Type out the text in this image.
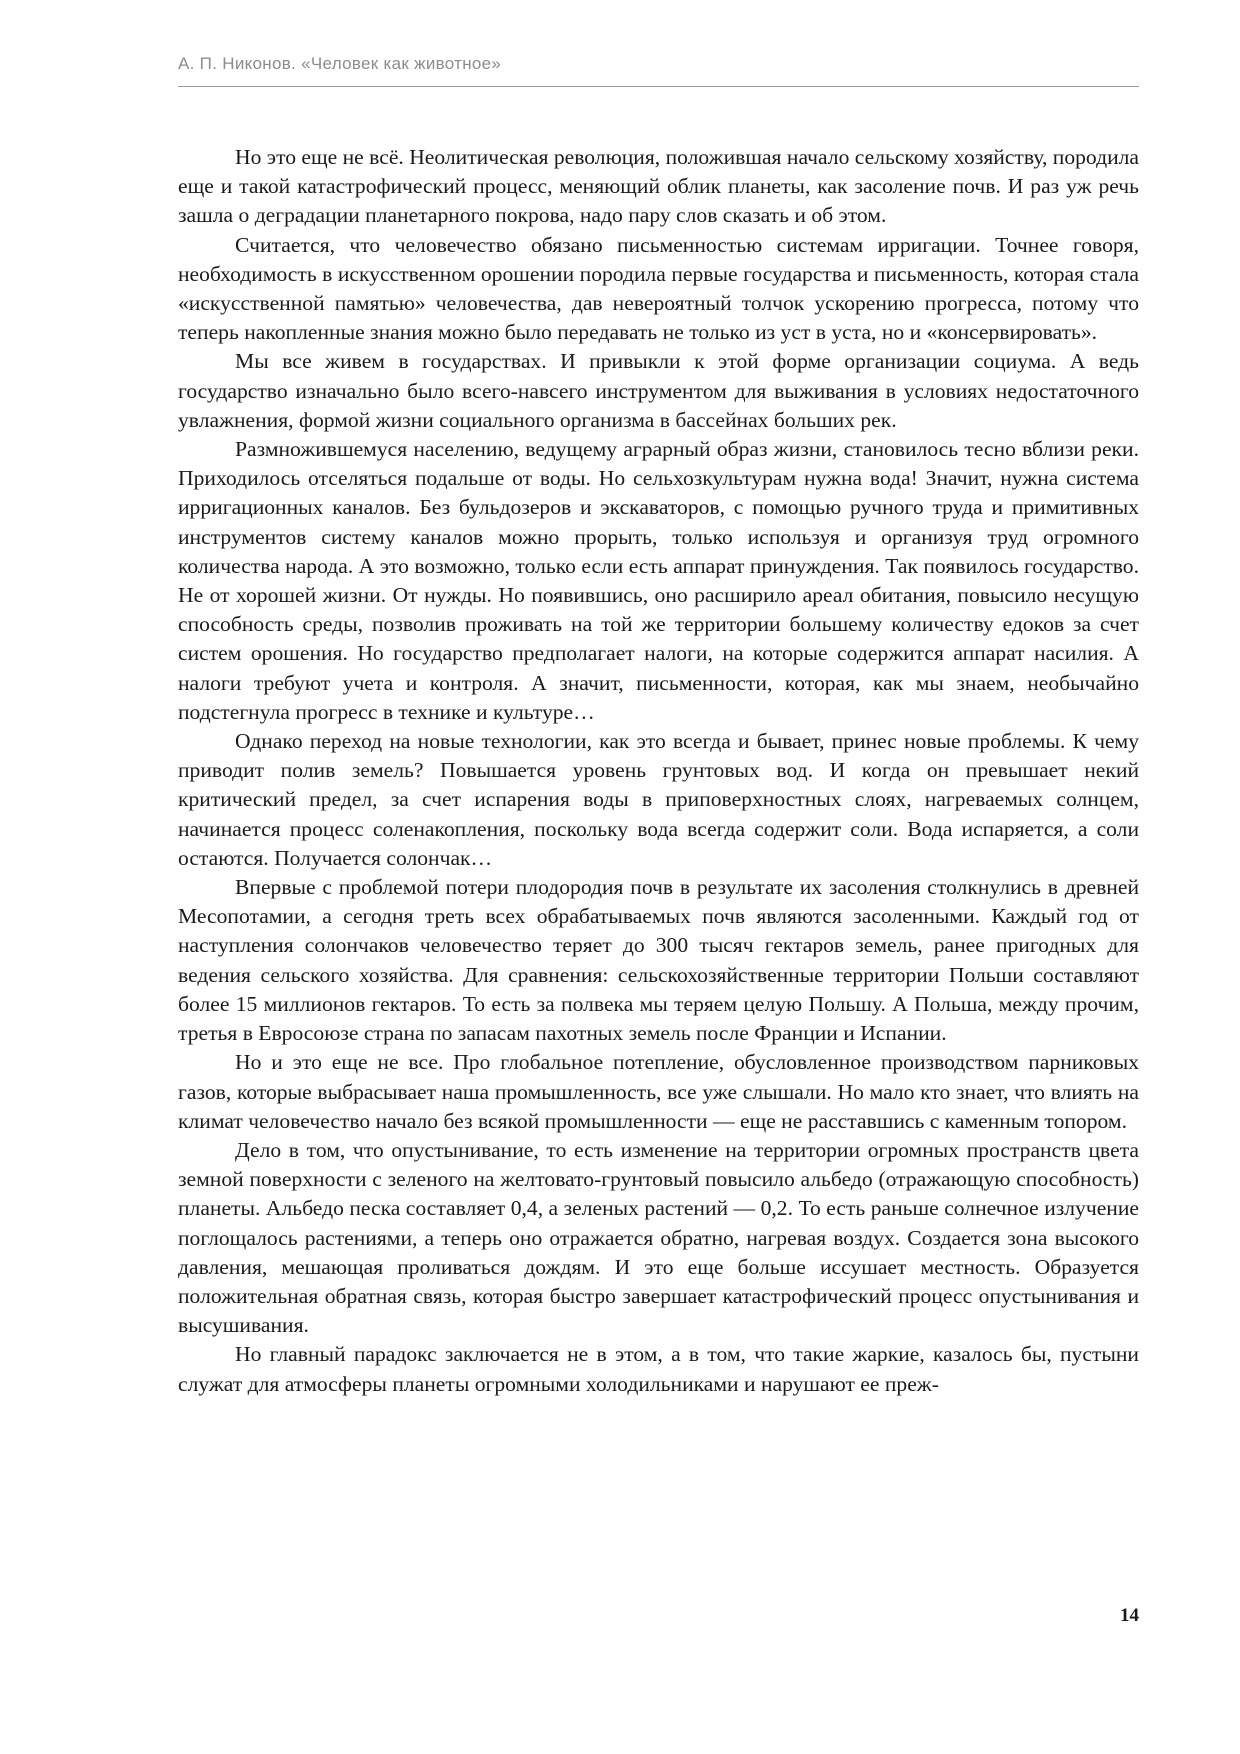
А. П. Никонов. «Человек как животное»

Но это еще не всё. Неолитическая революция, положившая начало сельскому хозяйству, породила еще и такой катастрофический процесс, меняющий облик планеты, как засоление почв. И раз уж речь зашла о деградации планетарного покрова, надо пару слов сказать и об этом.

Считается, что человечество обязано письменностью системам ирригации. Точнее говоря, необходимость в искусственном орошении породила первые государства и письменность, которая стала «искусственной памятью» человечества, дав невероятный толчок ускорению прогресса, потому что теперь накопленные знания можно было передавать не только из уст в уста, но и «консервировать».

Мы все живем в государствах. И привыкли к этой форме организации социума. А ведь государство изначально было всего-навсего инструментом для выживания в условиях недостаточного увлажнения, формой жизни социального организма в бассейнах больших рек.

Размножившемуся населению, ведущему аграрный образ жизни, становилось тесно вблизи реки. Приходилось отселяться подальше от воды. Но сельхозкультурам нужна вода! Значит, нужна система ирригационных каналов. Без бульдозеров и экскаваторов, с помощью ручного труда и примитивных инструментов систему каналов можно прорыть, только используя и организуя труд огромного количества народа. А это возможно, только если есть аппарат принуждения. Так появилось государство. Не от хорошей жизни. От нужды. Но появившись, оно расширило ареал обитания, повысило несущую способность среды, позволив проживать на той же территории большему количеству едоков за счет систем орошения. Но государство предполагает налоги, на которые содержится аппарат насилия. А налоги требуют учета и контроля. А значит, письменности, которая, как мы знаем, необычайно подстегнула прогресс в технике и культуре…

Однако переход на новые технологии, как это всегда и бывает, принес новые проблемы. К чему приводит полив земель? Повышается уровень грунтовых вод. И когда он превышает некий критический предел, за счет испарения воды в приповерхностных слоях, нагреваемых солнцем, начинается процесс соленакопления, поскольку вода всегда содержит соли. Вода испаряется, а соли остаются. Получается солончак…

Впервые с проблемой потери плодородия почв в результате их засоления столкнулись в древней Месопотамии, а сегодня треть всех обрабатываемых почв являются засоленными. Каждый год от наступления солончаков человечество теряет до 300 тысяч гектаров земель, ранее пригодных для ведения сельского хозяйства. Для сравнения: сельскохозяйственные территории Польши составляют более 15 миллионов гектаров. То есть за полвека мы теряем целую Польшу. А Польша, между прочим, третья в Евросоюзе страна по запасам пахотных земель после Франции и Испании.

Но и это еще не все. Про глобальное потепление, обусловленное производством парниковых газов, которые выбрасывает наша промышленность, все уже слышали. Но мало кто знает, что влиять на климат человечество начало без всякой промышленности — еще не расставшись с каменным топором.

Дело в том, что опустынивание, то есть изменение на территории огромных пространств цвета земной поверхности с зеленого на желтовато-грунтовый повысило альбедо (отражающую способность) планеты. Альбедо песка составляет 0,4, а зеленых растений — 0,2. То есть раньше солнечное излучение поглощалось растениями, а теперь оно отражается обратно, нагревая воздух. Создается зона высокого давления, мешающая проливаться дождям. И это еще больше иссушает местность. Образуется положительная обратная связь, которая быстро завершает катастрофический процесс опустынивания и высушивания.

Но главный парадокс заключается не в этом, а в том, что такие жаркие, казалось бы, пустыни служат для атмосферы планеты огромными холодильниками и нарушают ее преж-

14
